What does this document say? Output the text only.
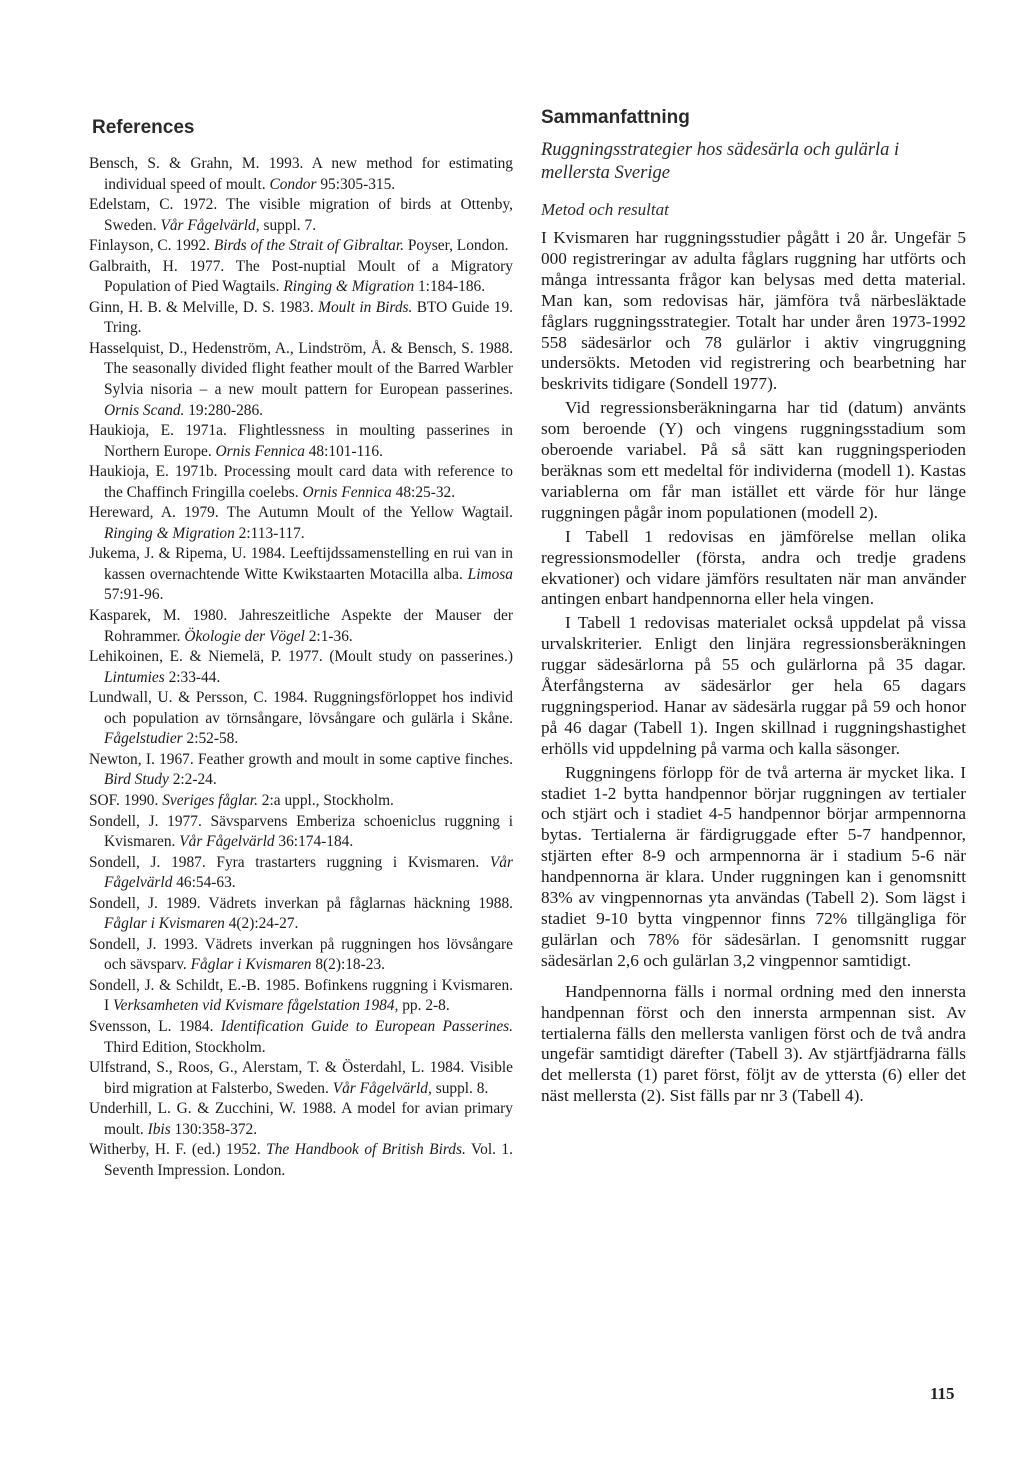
References
Bensch, S. & Grahn, M. 1993. A new method for estimating individual speed of moult. Condor 95:305-315.
Edelstam, C. 1972. The visible migration of birds at Ottenby, Sweden. Vår Fågelvärld, suppl. 7.
Finlayson, C. 1992. Birds of the Strait of Gibraltar. Poyser, London.
Galbraith, H. 1977. The Post-nuptial Moult of a Migratory Population of Pied Wagtails. Ringing & Migration 1:184-186.
Ginn, H. B. & Melville, D. S. 1983. Moult in Birds. BTO Guide 19. Tring.
Hasselquist, D., Hedenström, A., Lindström, Å. & Bensch, S. 1988. The seasonally divided flight feather moult of the Barred Warbler Sylvia nisoria – a new moult pattern for European passerines. Ornis Scand. 19:280-286.
Haukioja, E. 1971a. Flightlessness in moulting passerines in Northern Europe. Ornis Fennica 48:101-116.
Haukioja, E. 1971b. Processing moult card data with reference to the Chaffinch Fringilla coelebs. Ornis Fennica 48:25-32.
Hereward, A. 1979. The Autumn Moult of the Yellow Wagtail. Ringing & Migration 2:113-117.
Jukema, J. & Ripema, U. 1984. Leeftijdssamenstelling en rui van in kassen overnachtende Witte Kwikstaarten Motacilla alba. Limosa 57:91-96.
Kasparek, M. 1980. Jahreszeitliche Aspekte der Mauser der Rohrammer. Ökologie der Vögel 2:1-36.
Lehikoinen, E. & Niemelä, P. 1977. (Moult study on passerines.) Lintumies 2:33-44.
Lundwall, U. & Persson, C. 1984. Ruggningsförloppet hos individ och population av törnsångare, lövsångare och gulärla i Skåne. Fågelstudier 2:52-58.
Newton, I. 1967. Feather growth and moult in some captive finches. Bird Study 2:2-24.
SOF. 1990. Sveriges fåglar. 2:a uppl., Stockholm.
Sondell, J. 1977. Sävsparvens Emberiza schoeniclus ruggning i Kvismaren. Vår Fågelvärld 36:174-184.
Sondell, J. 1987. Fyra trastarters ruggning i Kvismaren. Vår Fågelvärld 46:54-63.
Sondell, J. 1989. Vädrets inverkan på fåglarnas häckning 1988. Fåglar i Kvismaren 4(2):24-27.
Sondell, J. 1993. Vädrets inverkan på ruggningen hos lövsångare och sävsparv. Fåglar i Kvismaren 8(2):18-23.
Sondell, J. & Schildt, E.-B. 1985. Bofinkens ruggning i Kvismaren. I Verksamheten vid Kvismare fågelstation 1984, pp. 2-8.
Svensson, L. 1984. Identification Guide to European Passerines. Third Edition, Stockholm.
Ulfstrand, S., Roos, G., Alerstam, T. & Österdahl, L. 1984. Visible bird migration at Falsterbo, Sweden. Vår Fågelvärld, suppl. 8.
Underhill, L. G. & Zucchini, W. 1988. A model for avian primary moult. Ibis 130:358-372.
Witherby, H. F. (ed.) 1952. The Handbook of British Birds. Vol. 1. Seventh Impression. London.
Sammanfattning
Ruggningsstrategier hos sädesärla och gulärla i mellersta Sverige
Metod och resultat

I Kvismaren har ruggningsstudier pågått i 20 år. Ungefär 5 000 registreringar av adulta fåglars ruggning har utförts och många intressanta frågor kan belysas med detta material. Man kan, som redovisas här, jämföra två närbesläktade fåglars ruggningsstrategier. Totalt har under åren 1973-1992 558 sädesärlor och 78 gulärlor i aktiv vingruggning undersökts. Metoden vid registrering och bearbetning har beskrivits tidigare (Sondell 1977).

Vid regressionsberäkningarna har tid (datum) använts som beroende (Y) och vingens ruggningsstadium som oberoende variabel. På så sätt kan ruggningsperioden beräknas som ett medeltal för individerna (modell 1). Kastas variablerna om får man istället ett värde för hur länge ruggningen pågår inom populationen (modell 2).

I Tabell 1 redovisas en jämförelse mellan olika regressionsmodeller (första, andra och tredje gradens ekvationer) och vidare jämförs resultaten när man använder antingen enbart handpennorna eller hela vingen.

I Tabell 1 redovisas materialet också uppdelat på vissa urvalskriterier. Enligt den linjära regressionsberäkningen ruggar sädesärlorna på 55 och gulärlorna på 35 dagar. Återfångsterna av sädesärlor ger hela 65 dagars ruggningsperiod. Hanar av sädesärla ruggar på 59 och honor på 46 dagar (Tabell 1). Ingen skillnad i ruggningshastighet erhölls vid uppdelning på varma och kalla säsonger.

Ruggningens förlopp för de två arterna är mycket lika. I stadiet 1-2 bytta handpennor börjar ruggningen av tertialer och stjärt och i stadiet 4-5 handpennor börjar armpennorna bytas. Tertialerna är färdigruggade efter 5-7 handpennor, stjärten efter 8-9 och armpennorna är i stadium 5-6 när handpennorna är klara. Under ruggningen kan i genomsnitt 83% av vingpennornas yta användas (Tabell 2). Som lägst i stadiet 9-10 bytta vingpennor finns 72% tillgängliga för gulärlan och 78% för sädesärlan. I genomsnitt ruggar sädesärlan 2,6 och gulärlan 3,2 vingpennor samtidigt.

Handpennorna fälls i normal ordning med den innersta handpennan först och den innersta armpennan sist. Av tertialerna fälls den mellersta vanligen först och de två andra ungefär samtidigt därefter (Tabell 3). Av stjärtfjädrarna fälls det mellersta (1) paret först, följt av de yttersta (6) eller det näst mellersta (2). Sist fälls par nr 3 (Tabell 4).

115
